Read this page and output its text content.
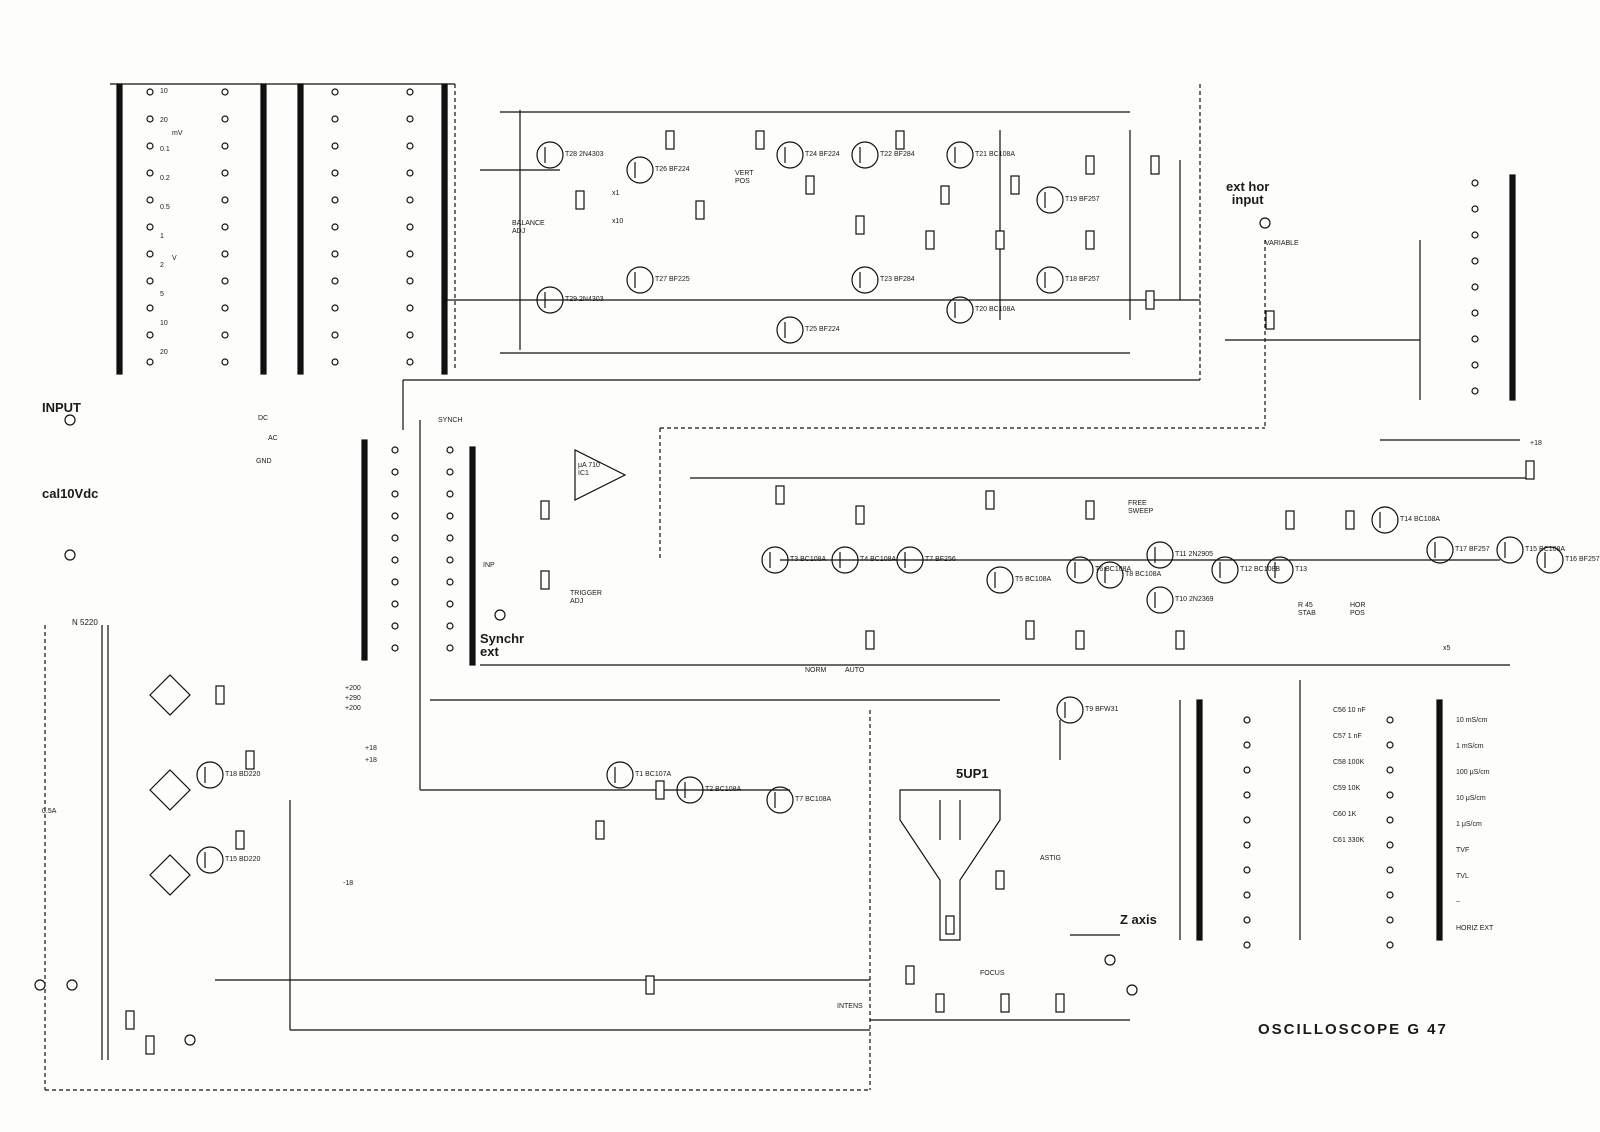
INPUT
cal10Vdc
Synchr
ext
ext hor
input
Z axis
5UP1
OSCILLOSCOPE G 47
N 5220
0.5A
μA 710
IC1
VARIABLE
BALANCE
ADJ
VERT
POS
TRIGGER
ADJ
FREE
SWEEP
HOR
POS
R 45
STAB
ASTIG
FOCUS
INTENS
NORM	AUTO
SYNCH
DC
AC
GND
x1
x5
x10
INP
C56 10 nF
C57 1 nF
C58 100K
C59 10K
C60 1K
C61 330K
10 mS/cm
1 mS/cm
100 μS/cm
10 μS/cm
1 μS/cm
TVF
TVL
~
HORIZ EXT
10
20
0.1
0.2
0.5
1
2
5
10
20
mV
V
T26 BF224
T24 BF224	T22 BF284	T21 BC108A
T19 BF257
T18 BF257
T20 BC108A
T23 BF284
T25 BF224
T27 BF225
T28 2N4303
T29 2N4303
T3 BC108A	T4 BC108A	T7 BF256
T5 BC108A
T6 BC108A
T8 BC108A
T11 2N2905
T10 2N2369
T12 BC108B T13
T14 BC108A
T17 BF257	T15 BC108A
T16 BF257
T9 BFW31
T1 BC107A
T2 BC108A
T7 BC108A
T18 BD220
T15 BD220
+200
+290
+200
+18
+18
-18
+18
